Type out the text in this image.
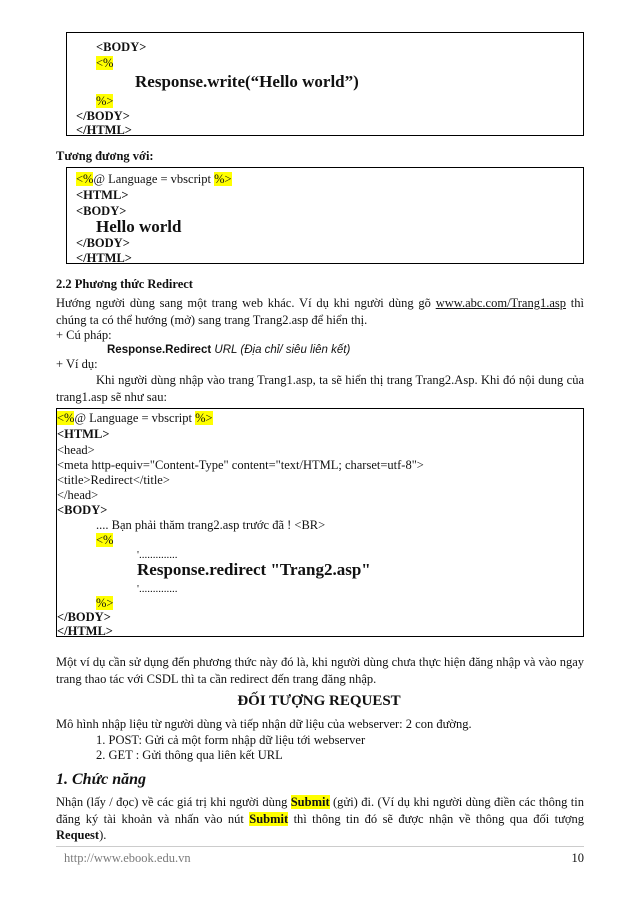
<BODY>
<%
Response.write(“Hello world”)
%>
</BODY>
</HTML>
Tương đương với:
<%@ Language = vbscript %>
<HTML>
<BODY>
Hello world
</BODY>
</HTML>
2.2 Phương thức Redirect
Hướng người dùng sang một trang web khác. Ví dụ khi người dùng gõ www.abc.com/Trang1.asp thì chúng ta có thể hướng (mở) sang trang Trang2.asp để hiển thị.
+ Cú pháp:
Response.Redirect URL (Địa chỉ/ siêu liên kết)
+ Ví dụ:
Khi người dùng nhập vào trang Trang1.asp, ta sẽ hiển thị trang Trang2.Asp. Khi đó nội dung của trang1.asp sẽ như sau:
<%@ Language = vbscript %>
<HTML>
<head>
<meta http-equiv="Content-Type" content="text/HTML; charset=utf-8">
<title>Redirect</title>
</head>
<BODY>
.... Bạn phải thăm trang2.asp trước đã ! <BR>
<%
'..............
Response.redirect "Trang2.asp"
'..............
%>
</BODY>
</HTML>
Một ví dụ cần sử dụng đến phương thức này đó là, khi người dùng chưa thực hiện đăng nhập và vào ngay trang thao tác với CSDL thì ta cần redirect đến trang đăng nhập.
ĐỐI TƯỢNG REQUEST
Mô hình nhập liệu từ người dùng và tiếp nhận dữ liệu của webserver: 2 con đường.
1. POST: Gửi cả một form nhập dữ liệu tới webserver
2. GET : Gửi thông qua liên kết URL
1. Chức năng
Nhận (lấy / đọc) về các giá trị khi người dùng Submit (gửi) đi. (Ví dụ khi người dùng điền các thông tin đăng ký tài khoản và nhấn vào nút Submit thì thông tin đó sẽ được nhận về thông qua đối tượng Request).
http://www.ebook.edu.vn	10
